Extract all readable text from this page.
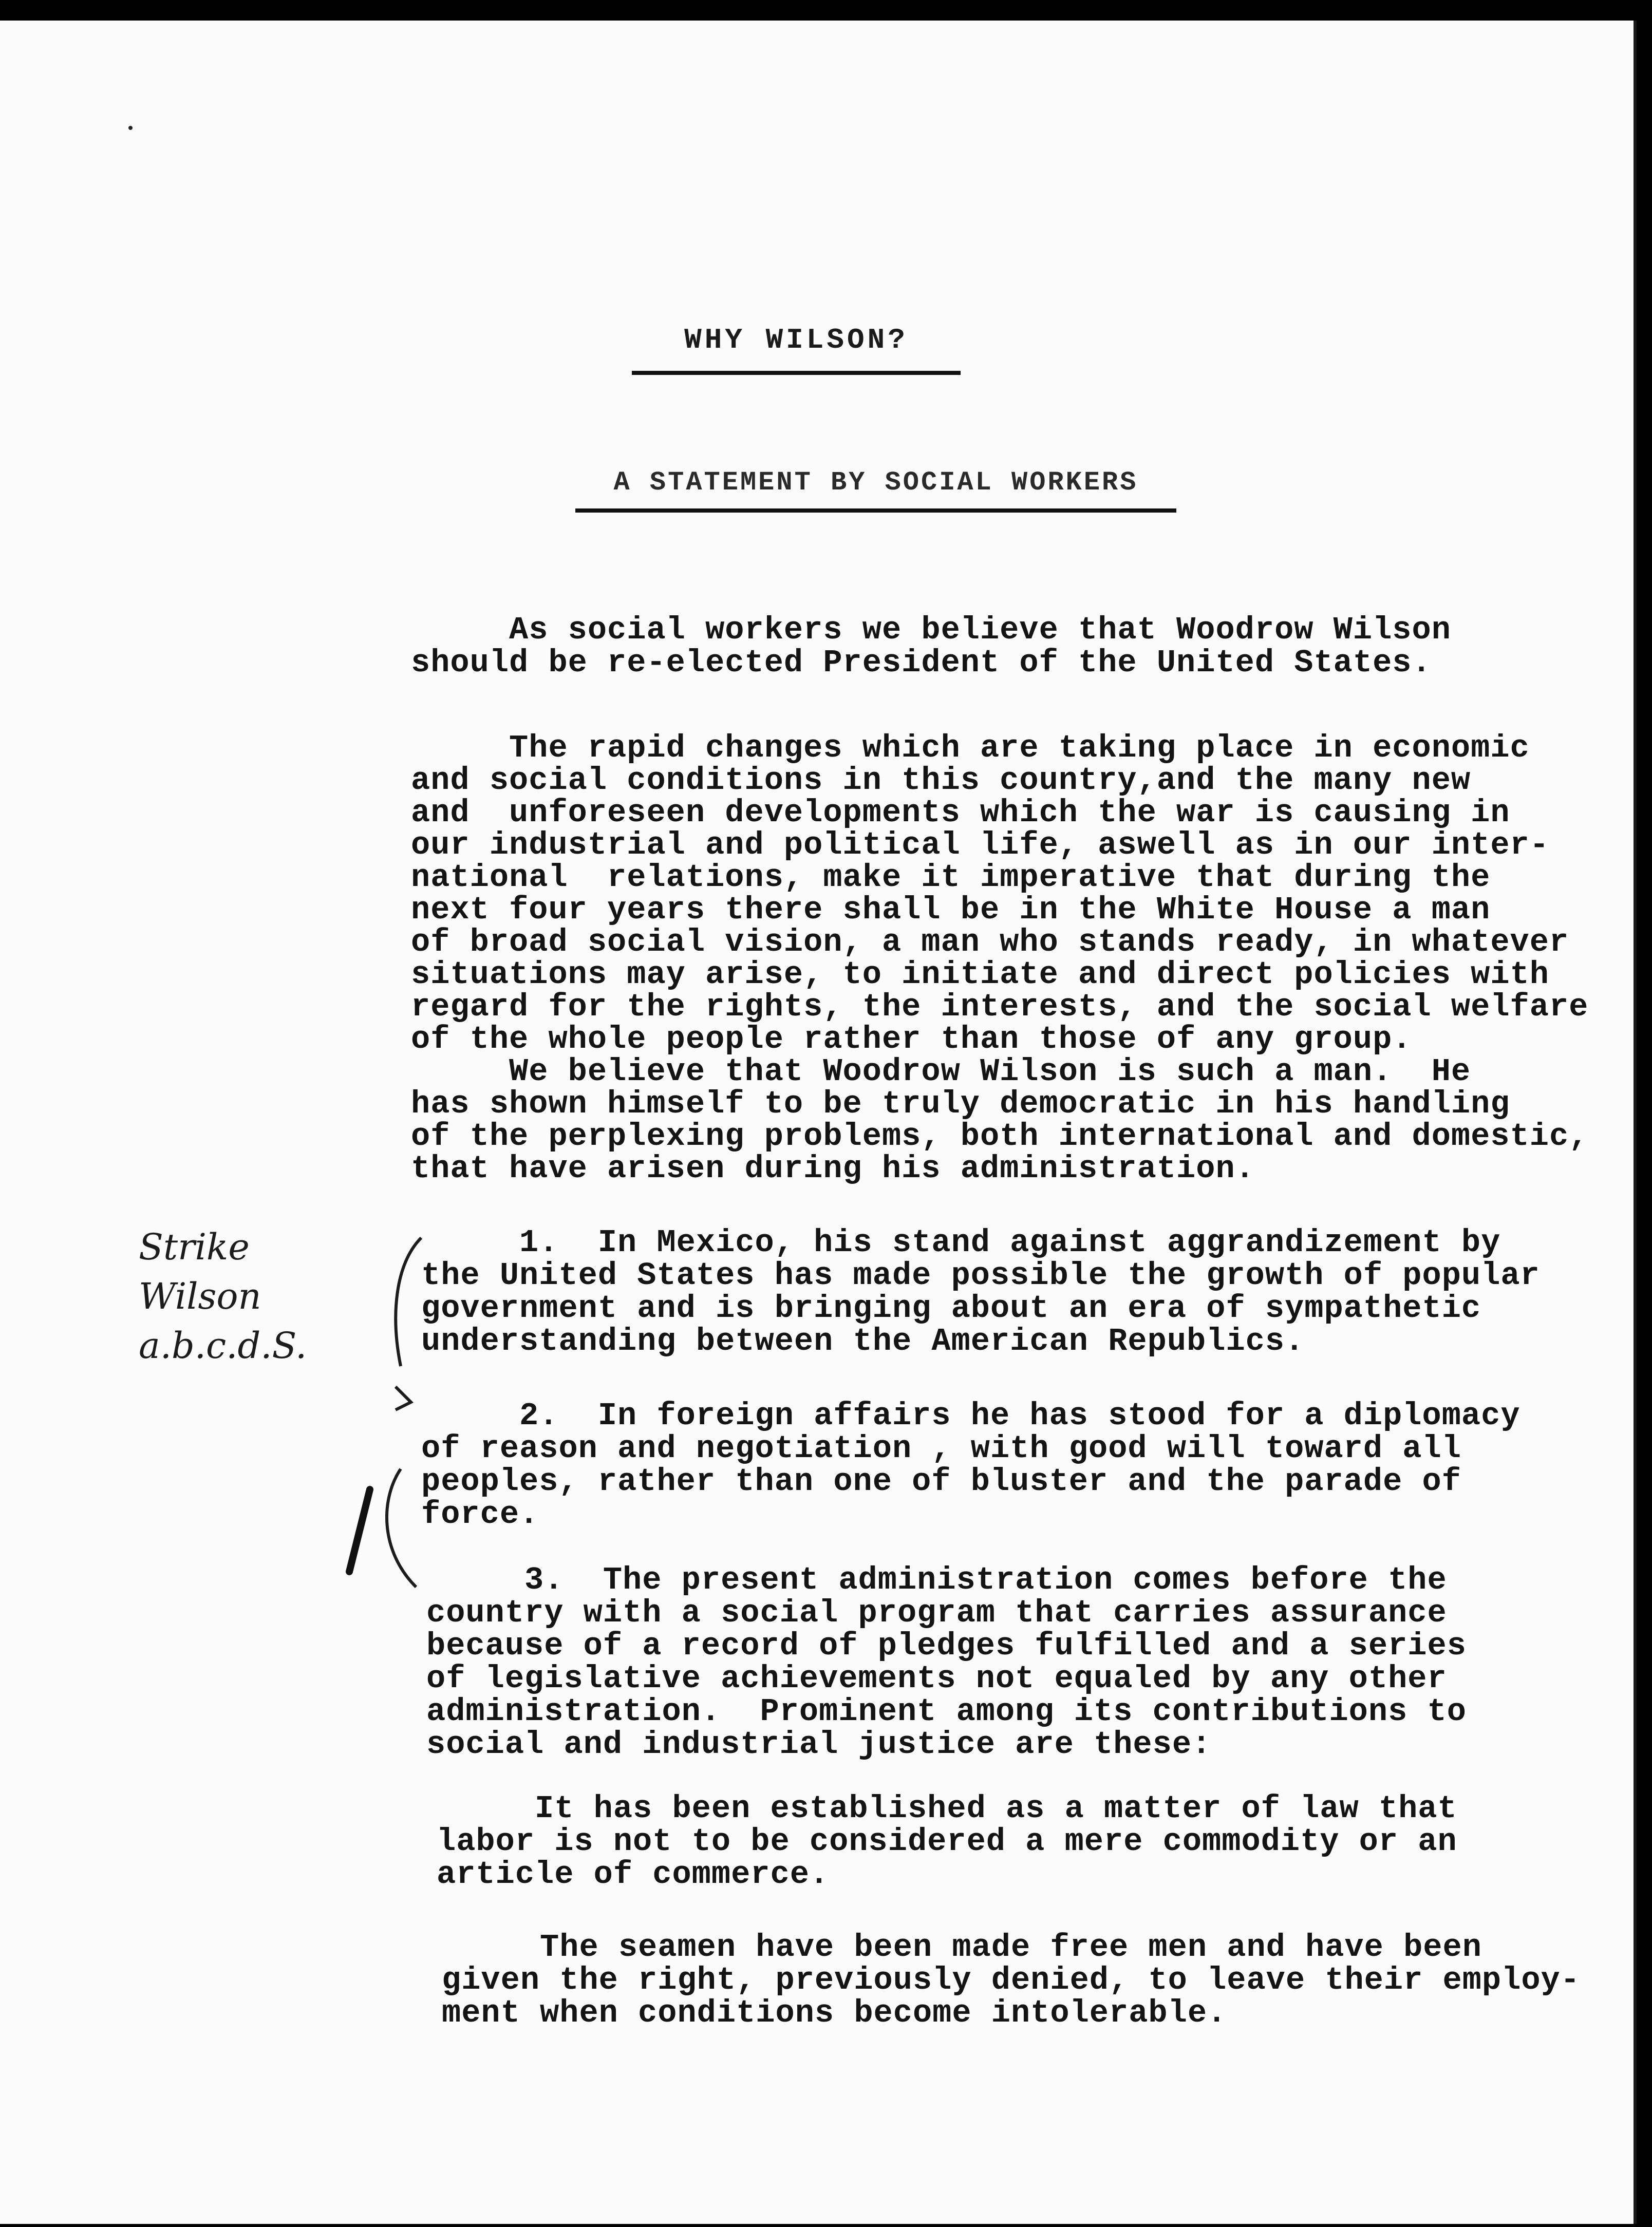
WHY WILSON?
A STATEMENT BY SOCIAL WORKERS
As social workers we believe that Woodrow Wilson
should be re-elected President of the United States.
The rapid changes which are taking place in economic
and social conditions in this country,and the many new
and  unforeseen developments which the war is causing in
our industrial and political life, aswell as in our inter-
national  relations, make it imperative that during the
next four years there shall be in the White House a man
of broad social vision, a man who stands ready, in whatever
situations may arise, to initiate and direct policies with
regard for the rights, the interests, and the social welfare
of the whole people rather than those of any group.
We believe that Woodrow Wilson is such a man.  He
has shown himself to be truly democratic in his handling
of the perplexing problems, both international and domestic,
that have arisen during his administration.
1.  In Mexico, his stand against aggrandizement by
the United States has made possible the growth of popular
government and is bringing about an era of sympathetic
understanding between the American Republics.
2.  In foreign affairs he has stood for a diplomacy
of reason and negotiation , with good will toward all
peoples, rather than one of bluster and the parade of
force.
3.  The present administration comes before the
country with a social program that carries assurance
because of a record of pledges fulfilled and a series
of legislative achievements not equaled by any other
administration.  Prominent among its contributions to
social and industrial justice are these:
It has been established as a matter of law that
labor is not to be considered a mere commodity or an
article of commerce.
The seamen have been made free men and have been
given the right, previously denied, to leave their employ-
ment when conditions become intolerable.
Strike
Wilson
a.b.c.d.S.
